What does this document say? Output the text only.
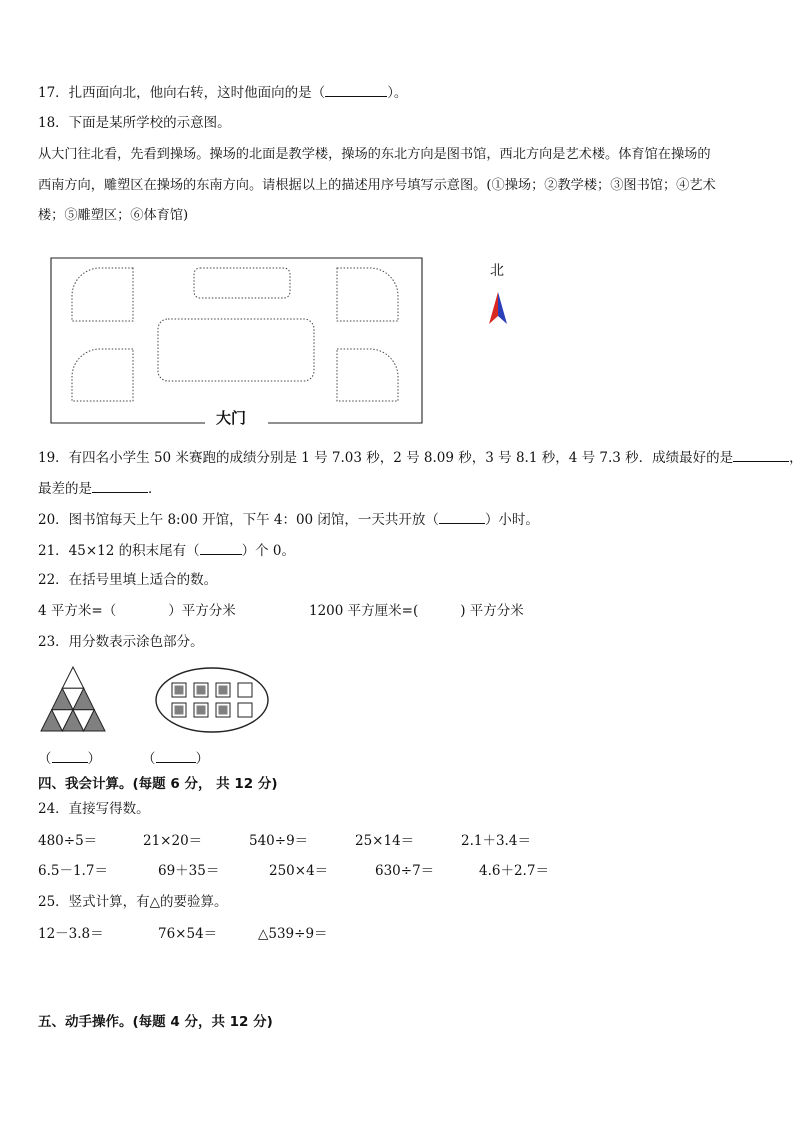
17．扎西面向北，他向右转，这时他面向的是（	）。
18．下面是某所学校的示意图。
从大门往北看，先看到操场。操场的北面是教学楼，操场的东北方向是图书馆，西北方向是艺术楼。体育馆在操场的
西南方向，雕塑区在操场的东南方向。请根据以上的描述用序号填写示意图。(①操场；②教学楼；③图书馆；④艺术
楼；⑤雕塑区；⑥体育馆)
大门
北
19．有四名小学生 50 米赛跑的成绩分别是 1 号 7.03 秒，2 号 8.09 秒，3 号 8.1 秒，4 号 7.3 秒．成绩最好的是	，
最差的是	．
20．图书馆每天上午 8:00 开馆，下午 4：00 闭馆，一天共开放（	）小时。
21．45×12 的积末尾有（	）个 0。
22．在括号里填上适合的数。
4 平方米=（	）平方分米	1200 平方厘米=(	) 平方分米
23．用分数表示涂色部分。
（	）	（	）
四、我会计算。(每题 6 分， 共 12 分)
24．直接写得数。
480÷5＝	21×20＝	540÷9＝	25×14＝	2.1＋3.4＝
6.5－1.7＝	69＋35＝	250×4＝	630÷7＝	4.6＋2.7＝
25．竖式计算，有△的要验算。
12－3.8＝	76×54＝	△539÷9＝
五、动手操作。(每题 4 分，共 12 分)
